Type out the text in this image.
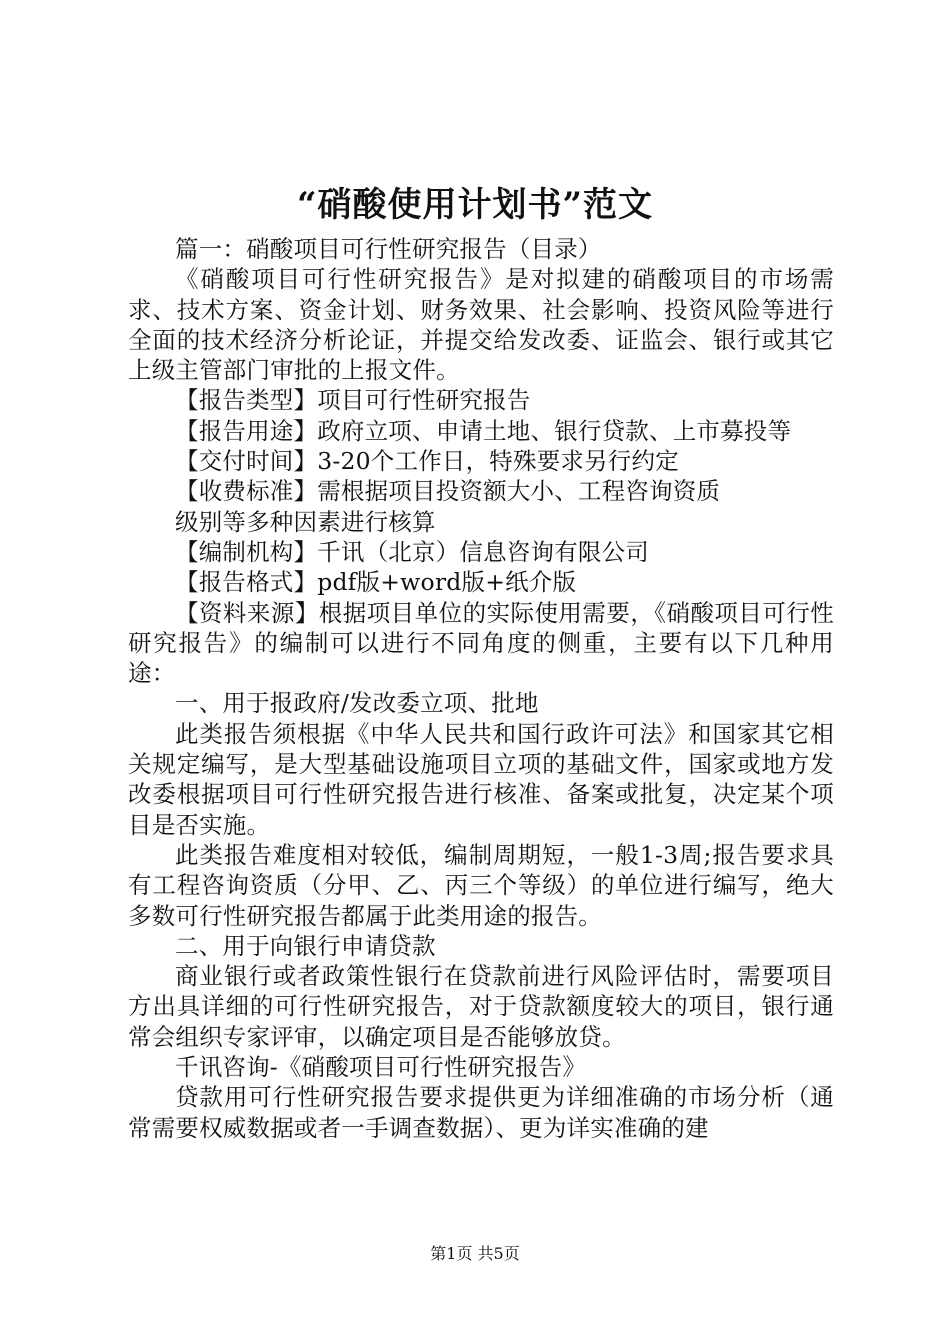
“硝酸使用计划书”范文

篇一：硝酸项目可行性研究报告（目录）

《硝酸项目可行性研究报告》是对拟建的硝酸项目的市场需求、技术方案、资金计划、财务效果、社会影响、投资风险等进行全面的技术经济分析论证，并提交给发改委、证监会、银行或其它上级主管部门审批的上报文件。

【报告类型】项目可行性研究报告

【报告用途】政府立项、申请土地、银行贷款、上市募投等

【交付时间】3-20个工作日，特殊要求另行约定

【收费标准】需根据项目投资额大小、工程咨询资质

级别等多种因素进行核算

【编制机构】千讯（北京）信息咨询有限公司

【报告格式】pdf版+word版+纸介版

【资料来源】根据项目单位的实际使用需要，《硝酸项目可行性研究报告》的编制可以进行不同角度的侧重，主要有以下几种用途：

一、用于报政府/发改委立项、批地

此类报告须根据《中华人民共和国行政许可法》和国家其它相关规定编写，是大型基础设施项目立项的基础文件，国家或地方发改委根据项目可行性研究报告进行核准、备案或批复，决定某个项目是否实施。

此类报告难度相对较低，编制周期短，一般1-3周;报告要求具有工程咨询资质（分甲、乙、丙三个等级）的单位进行编写，绝大多数可行性研究报告都属于此类用途的报告。

二、用于向银行申请贷款

商业银行或者政策性银行在贷款前进行风险评估时，需要项目方出具详细的可行性研究报告，对于贷款额度较大的项目，银行通常会组织专家评审，以确定项目是否能够放贷。

千讯咨询-《硝酸项目可行性研究报告》

贷款用可行性研究报告要求提供更为详细准确的市场分析（通常需要权威数据或者一手调查数据）、更为详实准确的建

第1页 共5页
